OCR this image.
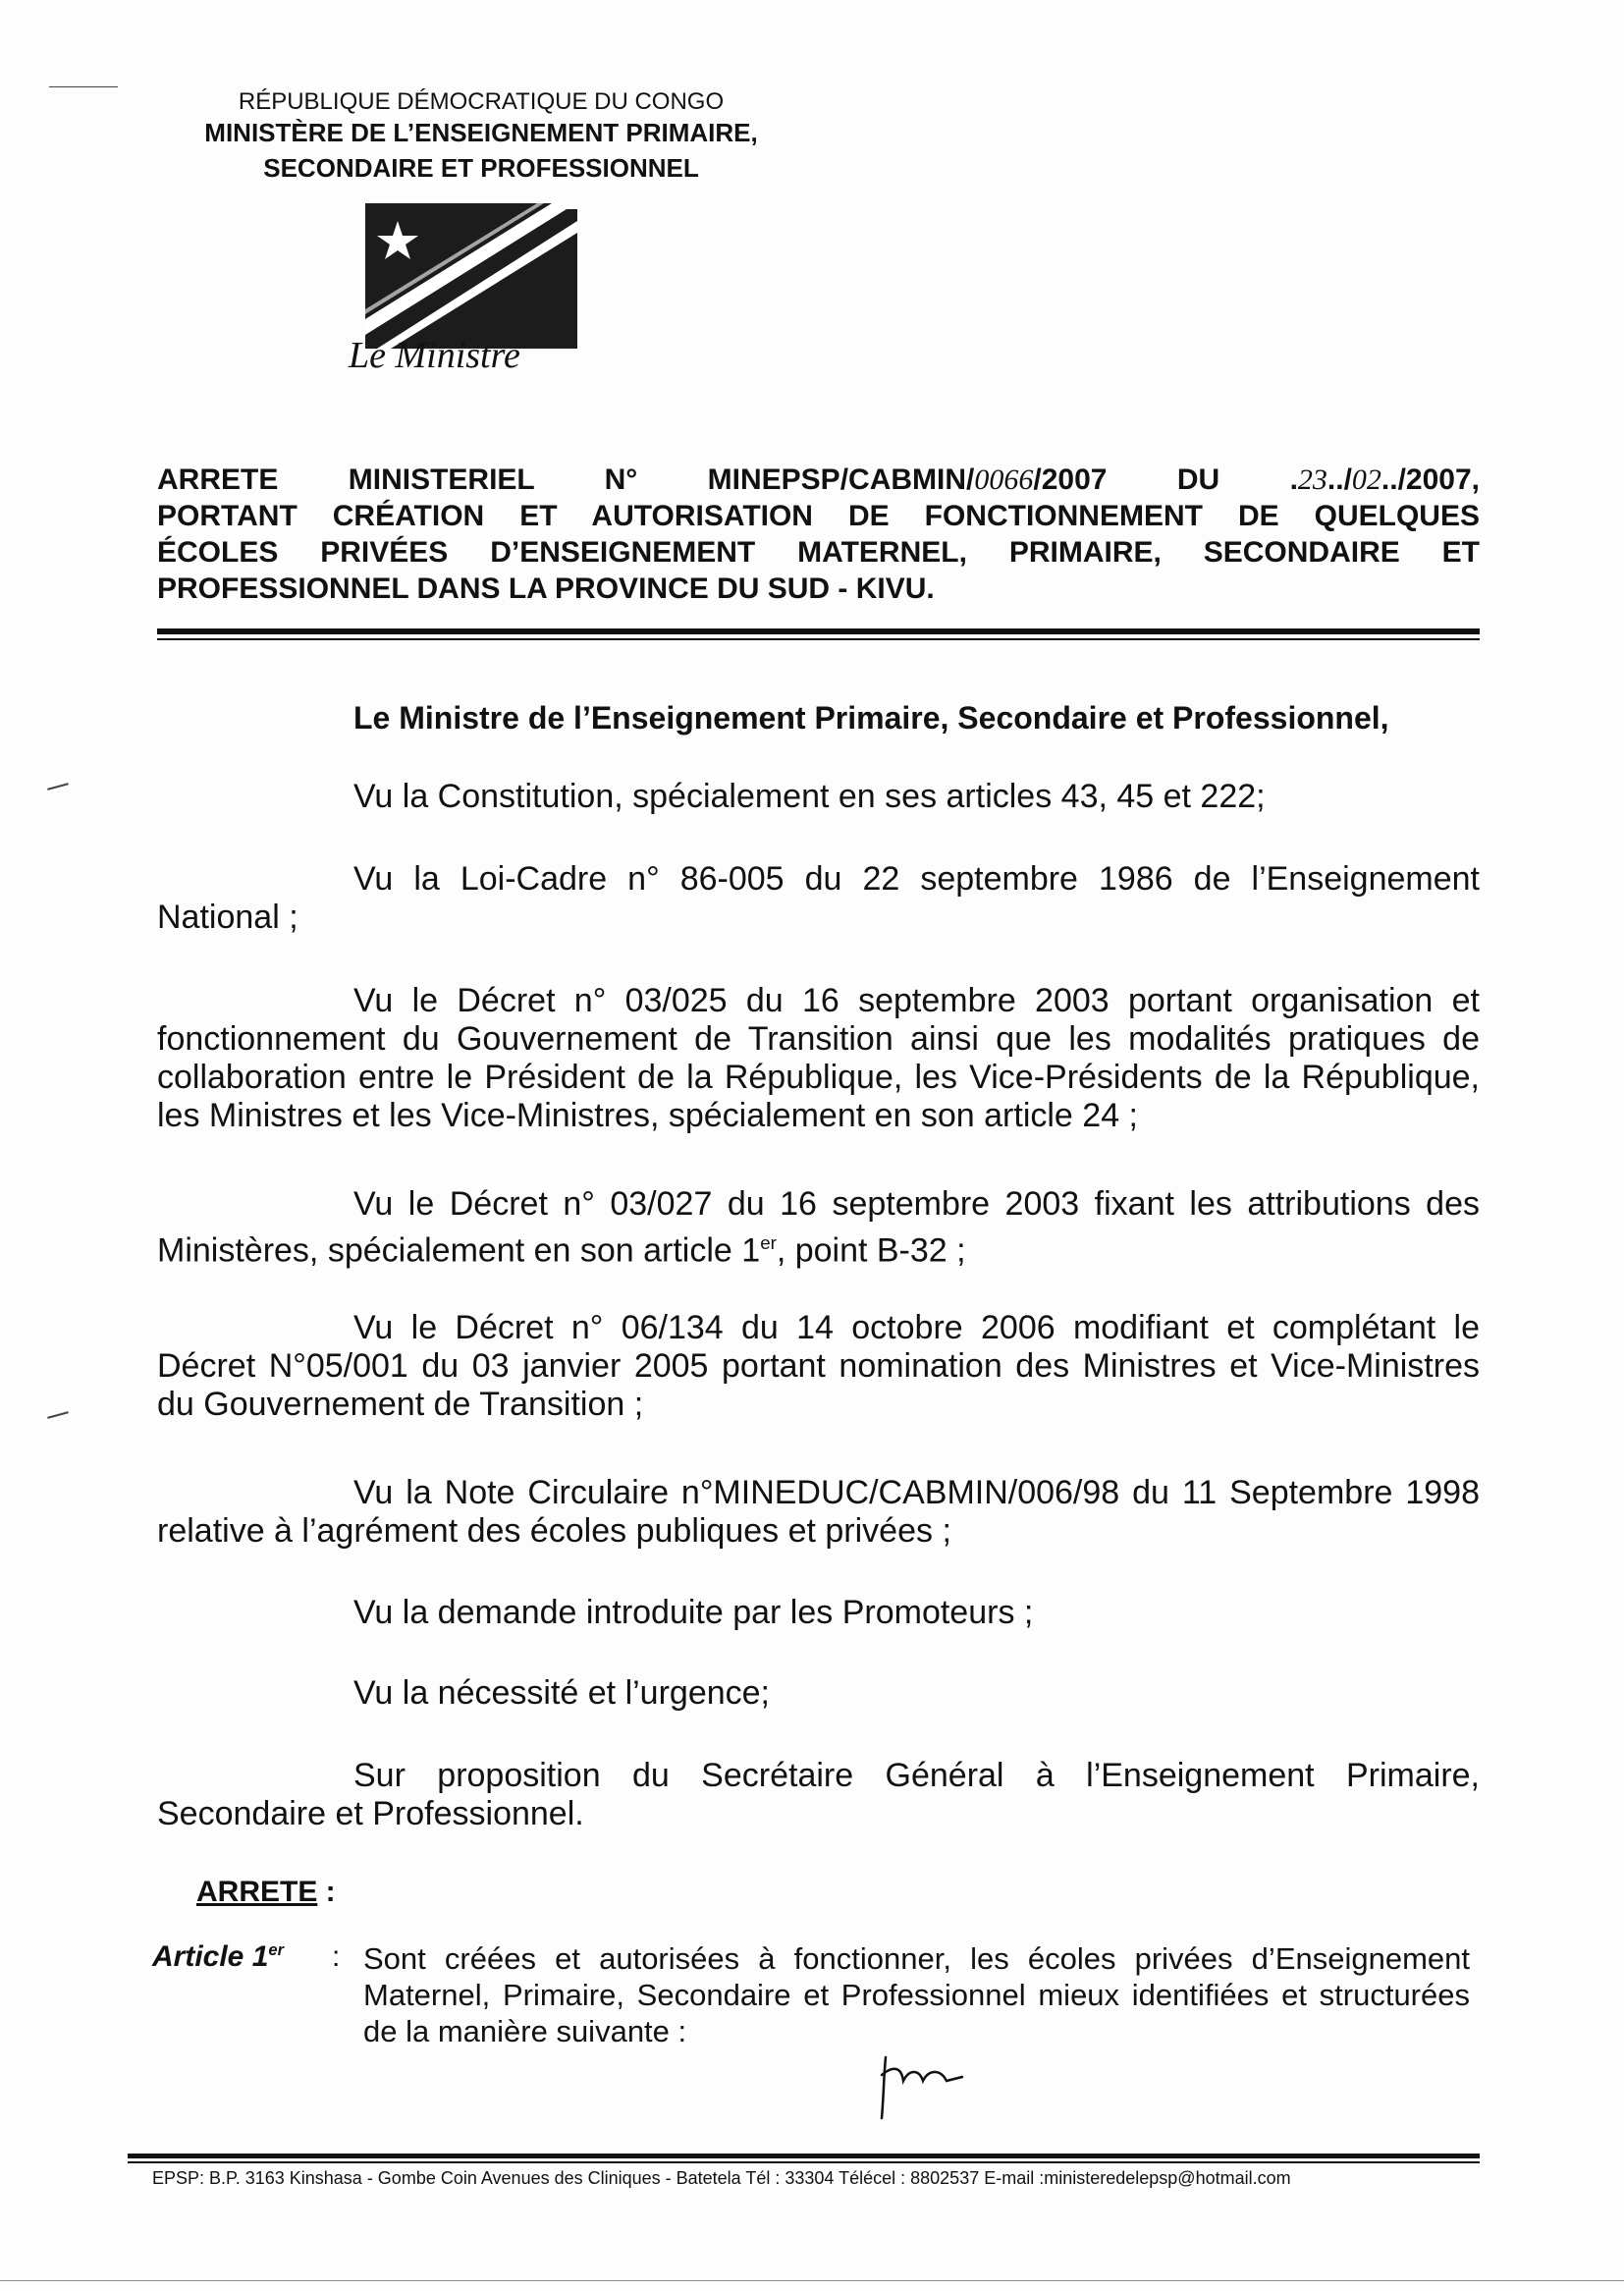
RÉPUBLIQUE DÉMOCRATIQUE DU CONGO
MINISTÈRE DE L’ENSEIGNEMENT PRIMAIRE,
SECONDAIRE ET PROFESSIONNEL
Le Ministre
ARRETE MINISTERIEL N° MINEPSP/CABMIN/0066/2007 DU .23../02../2007,
PORTANT CRÉATION ET AUTORISATION DE FONCTIONNEMENT DE QUELQUES
ÉCOLES PRIVÉES D’ENSEIGNEMENT MATERNEL, PRIMAIRE, SECONDAIRE ET
PROFESSIONNEL DANS LA PROVINCE DU SUD - KIVU.
Le Ministre de l’Enseignement Primaire, Secondaire et Professionnel,
Vu la Constitution, spécialement en ses articles 43, 45 et 222;
Vu la Loi-Cadre n° 86-005 du 22 septembre 1986 de l’Enseignement National ;
Vu le Décret n° 03/025 du 16 septembre 2003 portant organisation et fonctionnement du Gouvernement de Transition ainsi que les modalités pratiques de collaboration entre le Président de la République, les Vice-Présidents de la République, les Ministres et les Vice-Ministres, spécialement en son article 24 ;
Vu le Décret n° 03/027 du 16 septembre 2003 fixant les attributions des Ministères, spécialement en son article 1er, point B-32 ;
Vu le Décret n° 06/134 du 14 octobre 2006 modifiant et complétant le Décret N°05/001 du 03 janvier 2005 portant nomination des Ministres et Vice-Ministres du Gouvernement de Transition ;
Vu la Note Circulaire n°MINEDUC/CABMIN/006/98 du 11 Septembre 1998 relative à l’agrément des écoles publiques et privées ;
Vu la demande introduite par les Promoteurs ;
Vu la nécessité et l’urgence;
Sur proposition du Secrétaire Général à l’Enseignement Primaire, Secondaire et Professionnel.
ARRETE :
Article 1er : Sont créées et autorisées à fonctionner, les écoles privées d’Enseignement Maternel, Primaire, Secondaire et Professionnel mieux identifiées et structurées de la manière suivante :
EPSP: B.P. 3163 Kinshasa - Gombe Coin Avenues des Cliniques - Batetela Tél : 33304 Télécel : 8802537 E-mail :ministeredelepsp@hotmail.com
